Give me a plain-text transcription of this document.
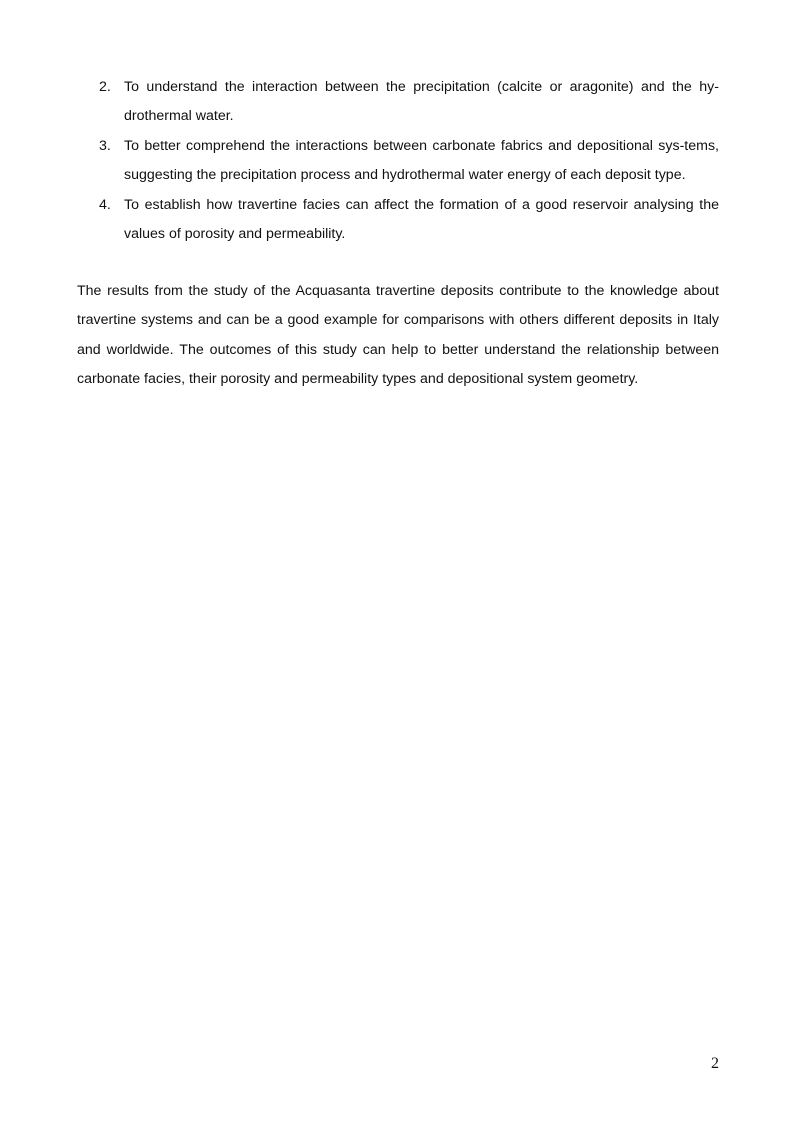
2. To understand the interaction between the precipitation (calcite or aragonite) and the hy-drothermal water.
3. To better comprehend the interactions between carbonate fabrics and depositional sys-tems, suggesting the precipitation process and hydrothermal water energy of each deposit type.
4. To establish how travertine facies can affect the formation of a good reservoir analysing the values of porosity and permeability.

The results from the study of the Acquasanta travertine deposits contribute to the knowledge about travertine systems and can be a good example for comparisons with others different deposits in Italy and worldwide. The outcomes of this study can help to better understand the relationship between carbonate facies, their porosity and permeability types and depositional system geometry.

2
